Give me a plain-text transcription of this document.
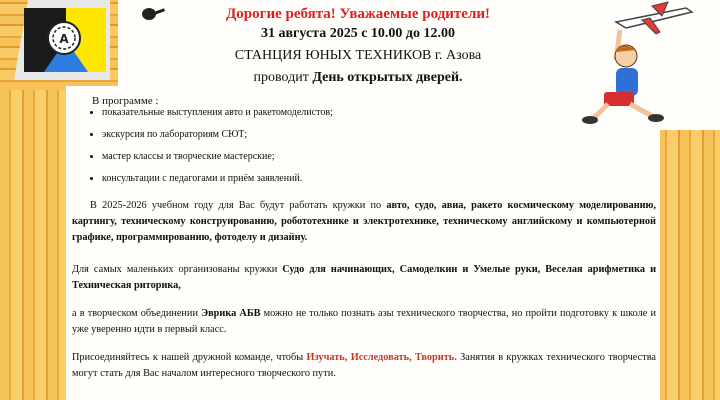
A
Дорогие ребята! Уважаемые родители!
31 августа 2025 с 10.00 до 12.00
СТАНЦИЯ ЮНЫХ ТЕХНИКОВ г. Азова
проводит День открытых дверей.
В программе :
• показательные выступления авто и ракетомоделистов;
• экскурсия по лабораториям СЮТ;
• мастер классы и творческие мастерские;
• консультации с педагогами и приём заявлений.
В 2025-2026 учебном году для Вас будут работать кружки по авто, судо, авиа, ракето космическому моделированию, картингу, техническому конструированию, робототехнике и электротехнике, техническому английскому и компьютерной графике, программированию, фотоделу и дизайну.
Для самых маленьких организованы кружки Судо для начинающих, Самоделкин и Умелые руки, Веселая арифметика и Техническая риторика,
а в творческом объединении Эврика АБВ можно не только познать азы технического творчества, но пройти подготовку к школе и уже уверенно идти в первый класс.
Присоединяйтесь к нашей дружной команде, чтобы Изучать, Исследовать, Творить. Занятия в кружках технического творчества могут стать для Вас началом интересного творческого пути.
